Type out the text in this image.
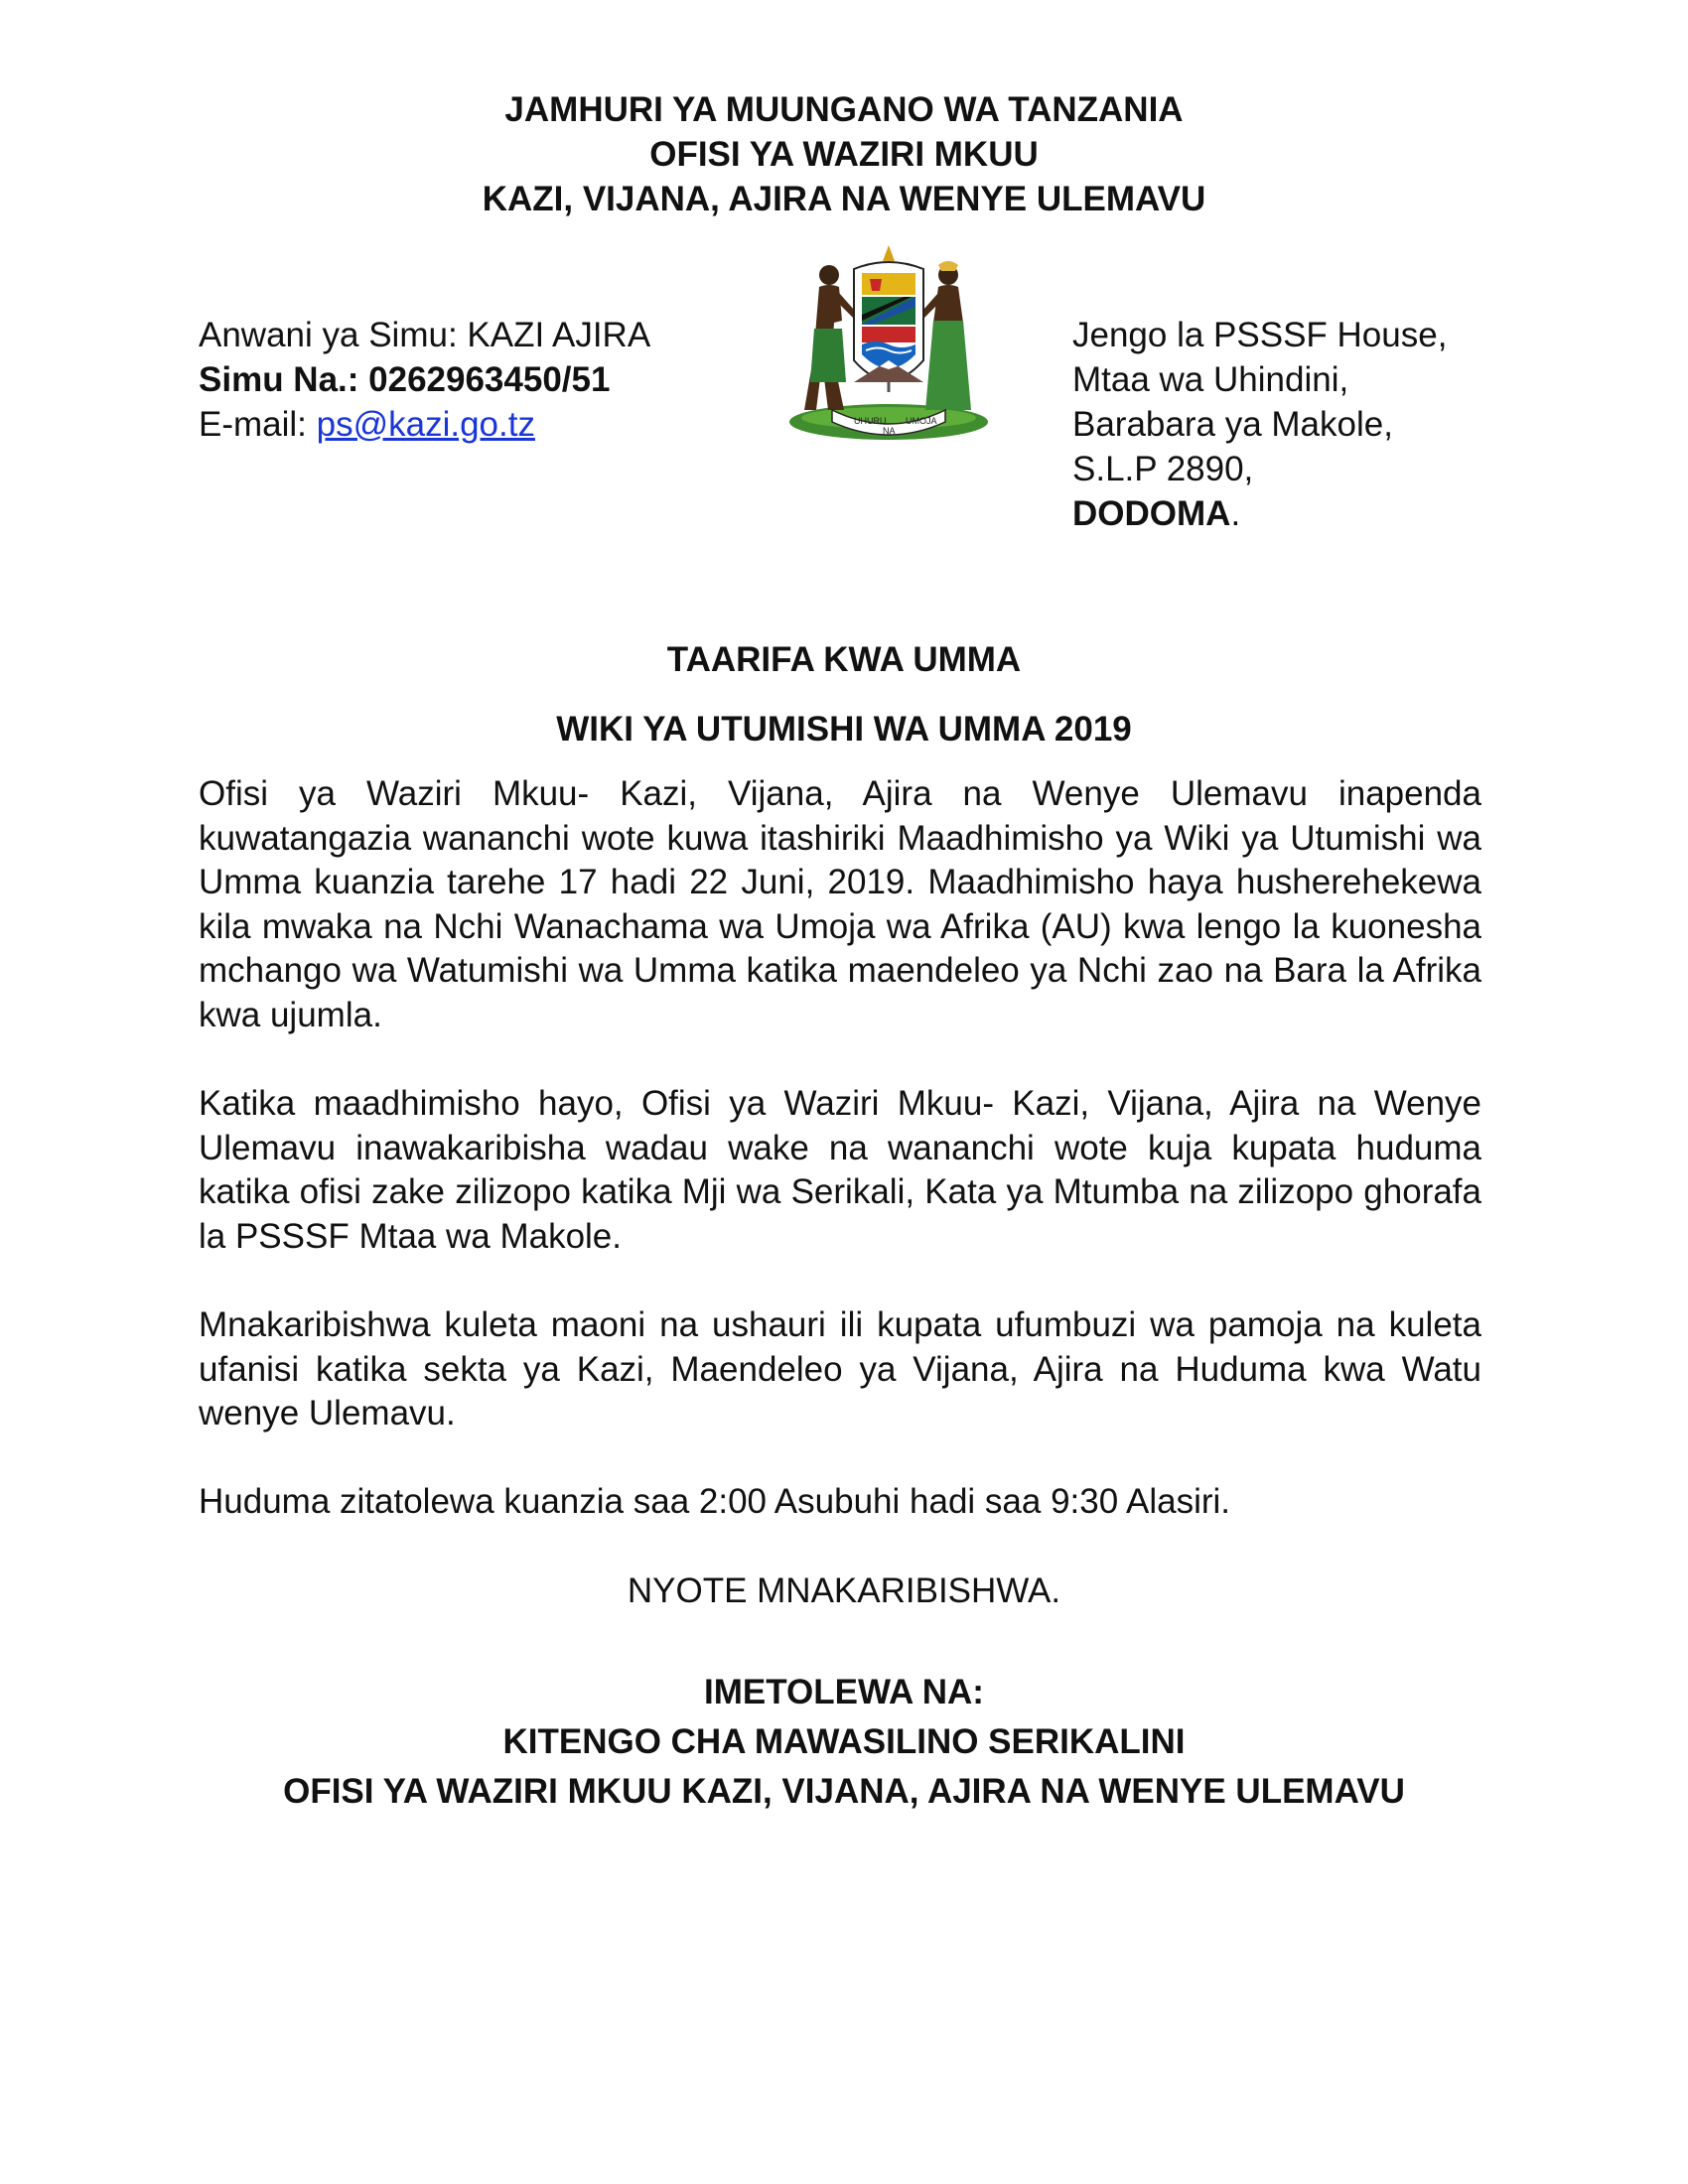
JAMHURI YA MUUNGANO WA TANZANIA
OFISI YA WAZIRI MKUU
KAZI, VIJANA, AJIRA NA WENYE ULEMAVU
Anwani ya Simu: KAZI AJIRA
Simu Na.: 0262963450/51
E-mail: ps@kazi.go.tz	UHURU
NA
UMOJA
Jengo la PSSSF House,
Mtaa wa Uhindini,
Barabara ya Makole,
S.L.P 2890,
DODOMA.
TAARIFA KWA UMMA
WIKI YA UTUMISHI WA UMMA 2019

Ofisi ya Waziri Mkuu- Kazi, Vijana, Ajira na Wenye Ulemavu inapenda kuwatangazia wananchi wote kuwa itashiriki Maadhimisho ya Wiki ya Utumishi wa Umma kuanzia tarehe 17 hadi 22 Juni, 2019. Maadhimisho haya husherehekewa kila mwaka na Nchi Wanachama wa Umoja wa Afrika (AU) kwa lengo la kuonesha mchango wa Watumishi wa Umma katika maendeleo ya Nchi zao na Bara la Afrika kwa ujumla.

Katika maadhimisho hayo, Ofisi ya Waziri Mkuu- Kazi, Vijana, Ajira na Wenye Ulemavu inawakaribisha wadau wake na wananchi wote kuja kupata huduma katika ofisi zake zilizopo katika Mji wa Serikali, Kata ya Mtumba na zilizopo ghorafa la PSSSF Mtaa wa Makole.

Mnakaribishwa kuleta maoni na ushauri ili kupata ufumbuzi wa pamoja na kuleta ufanisi katika sekta ya Kazi, Maendeleo ya Vijana, Ajira na Huduma kwa Watu wenye Ulemavu.

Huduma zitatolewa kuanzia saa 2:00 Asubuhi hadi saa 9:30 Alasiri.

NYOTE MNAKARIBISHWA.
IMETOLEWA NA:
KITENGO CHA MAWASILINO SERIKALINI
OFISI YA WAZIRI MKUU KAZI, VIJANA, AJIRA NA WENYE ULEMAVU
